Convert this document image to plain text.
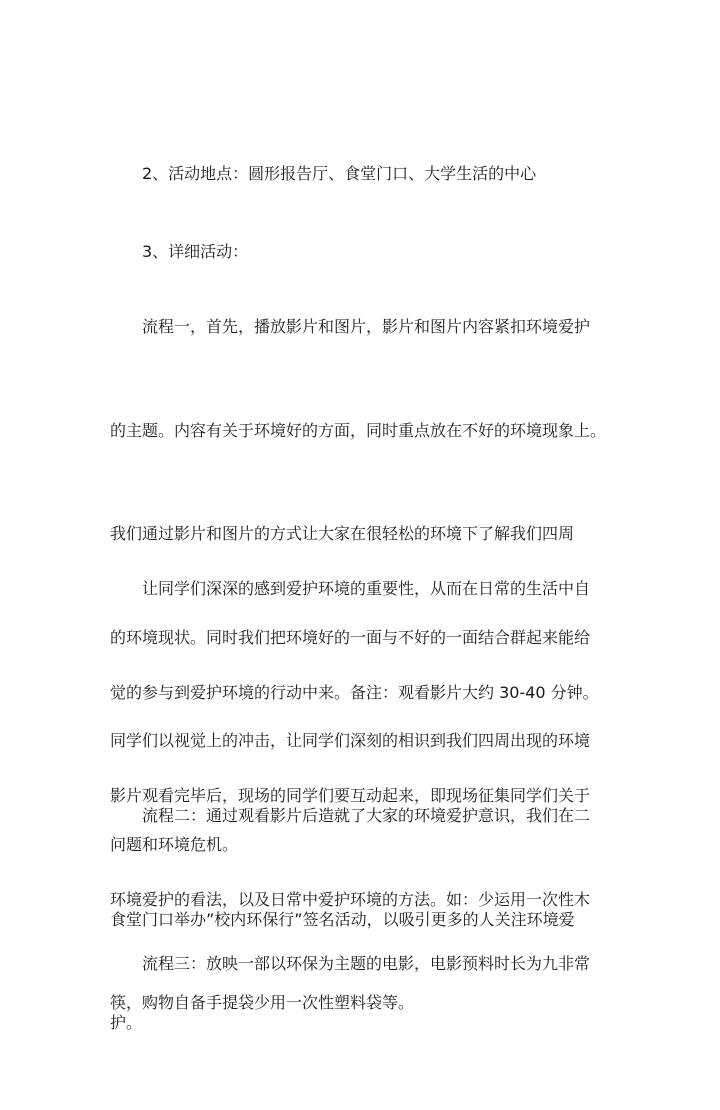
2、活动地点：圆形报告厅、食堂门口、大学生活的中心

3、详细活动：

流程一，首先，播放影片和图片，影片和图片内容紧扣环境爱护

的主题。内容有关于环境好的方面，同时重点放在不好的环境现象上。

我们通过影片和图片的方式让大家在很轻松的环境下了解我们四周

的环境现状。同时我们把环境好的一面与不好的一面结合群起来能给

同学们以视觉上的冲击，让同学们深刻的相识到我们四周出现的环境

问题和环境危机。

让同学们深深的感到爱护环境的重要性，从而在日常的生活中自

觉的参与到爱护环境的行动中来。备注：观看影片大约 30-40 分钟。

影片观看完毕后，现场的同学们要互动起来，即现场征集同学们关于

环境爱护的看法，以及日常中爱护环境的方法。如：少运用一次性木

筷，购物自备手提袋少用一次性塑料袋等。

流程二：通过观看影片后造就了大家的环境爱护意识，我们在二

食堂门口举办”校内环保行”签名活动，以吸引更多的人关注环境爱

护。

流程三：放映一部以环保为主题的电影，电影预料时长为九非常
